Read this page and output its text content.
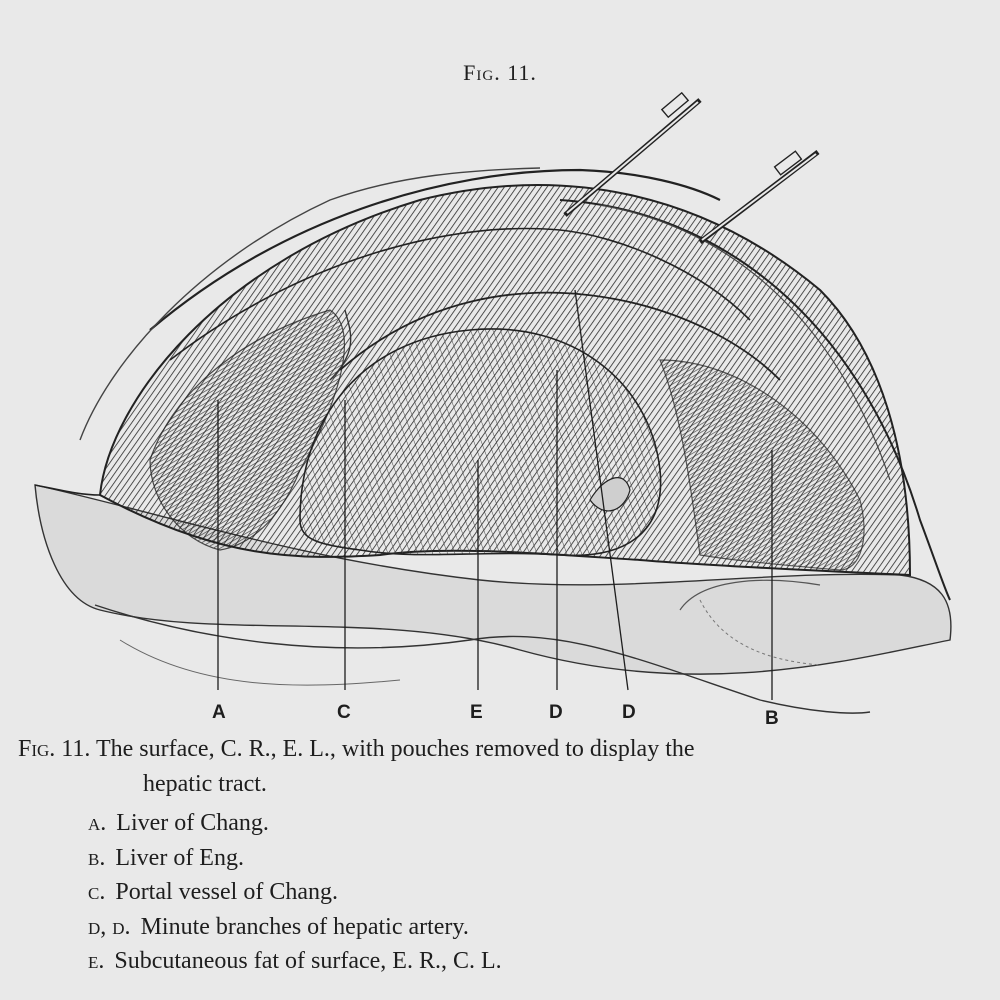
Fig. 11.
A	C	E	D	D	B
Fig. 11. The surface, C. R., E. L., with pouches removed to display the
hepatic tract.
a. Liver of Chang.
b. Liver of Eng.
c. Portal vessel of Chang.
d, d. Minute branches of hepatic artery.
e. Subcutaneous fat of surface, E. R., C. L.
